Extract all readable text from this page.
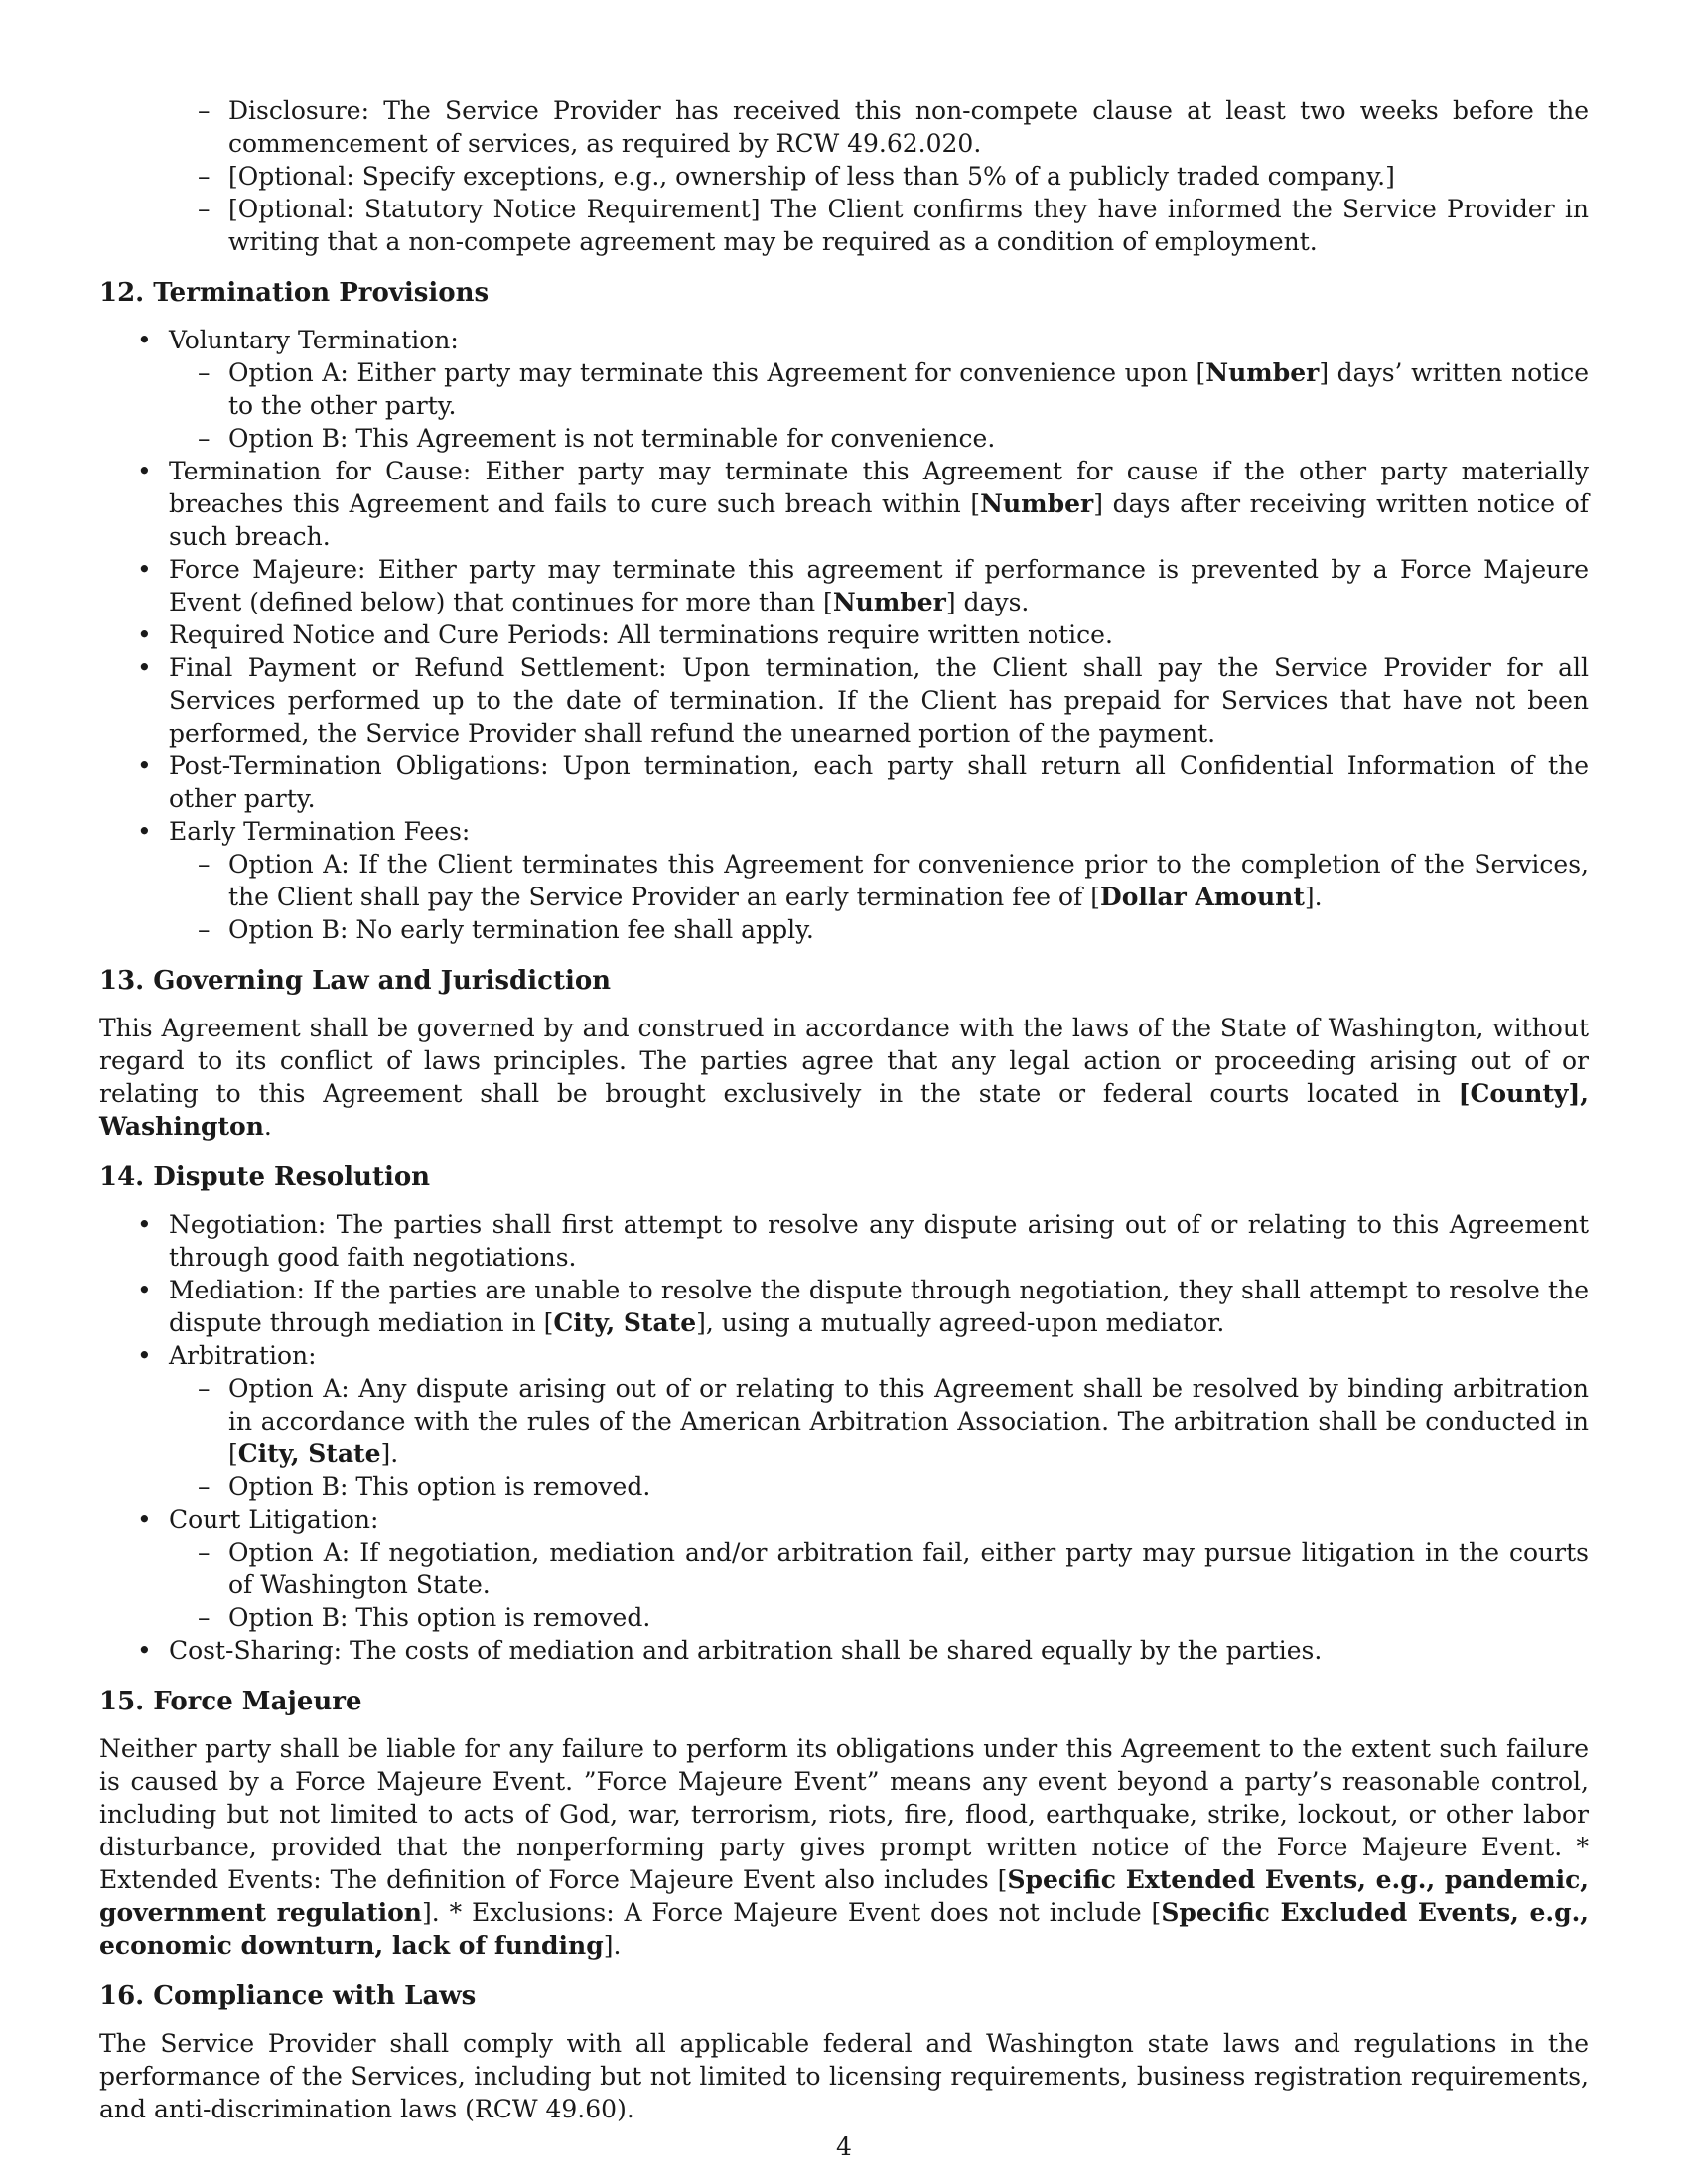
– Disclosure: The Service Provider has received this non-compete clause at least two weeks before the commencement of services, as required by RCW 49.62.020.
– [Optional: Specify exceptions, e.g., ownership of less than 5% of a publicly traded company.]
– [Optional: Statutory Notice Requirement] The Client confirms they have informed the Service Provider in writing that a non-compete agreement may be required as a condition of employment.
12. Termination Provisions
• Voluntary Termination:
– Option A: Either party may terminate this Agreement for convenience upon [Number] days’ written notice to the other party.
– Option B: This Agreement is not terminable for convenience.
• Termination for Cause: Either party may terminate this Agreement for cause if the other party materially breaches this Agreement and fails to cure such breach within [Number] days after receiving written notice of such breach.
• Force Majeure: Either party may terminate this agreement if performance is prevented by a Force Majeure Event (defined below) that continues for more than [Number] days.
• Required Notice and Cure Periods: All terminations require written notice.
• Final Payment or Refund Settlement: Upon termination, the Client shall pay the Service Provider for all Services performed up to the date of termination. If the Client has prepaid for Services that have not been performed, the Service Provider shall refund the unearned portion of the payment.
• Post-Termination Obligations: Upon termination, each party shall return all Confidential Information of the other party.
• Early Termination Fees:
– Option A: If the Client terminates this Agreement for convenience prior to the completion of the Services, the Client shall pay the Service Provider an early termination fee of [Dollar Amount].
– Option B: No early termination fee shall apply.
13. Governing Law and Jurisdiction

This Agreement shall be governed by and construed in accordance with the laws of the State of Washington, without regard to its conflict of laws principles. The parties agree that any legal action or proceeding arising out of or relating to this Agreement shall be brought exclusively in the state or federal courts located in [County], Washington.

14. Dispute Resolution
• Negotiation: The parties shall first attempt to resolve any dispute arising out of or relating to this Agreement through good faith negotiations.
• Mediation: If the parties are unable to resolve the dispute through negotiation, they shall attempt to resolve the dispute through mediation in [City, State], using a mutually agreed-upon mediator.
• Arbitration:
– Option A: Any dispute arising out of or relating to this Agreement shall be resolved by binding arbitration in accordance with the rules of the American Arbitration Association. The arbitration shall be conducted in [City, State].
– Option B: This option is removed.
• Court Litigation:
– Option A: If negotiation, mediation and/or arbitration fail, either party may pursue litigation in the courts of Washington State.
– Option B: This option is removed.
• Cost-Sharing: The costs of mediation and arbitration shall be shared equally by the parties.
15. Force Majeure

Neither party shall be liable for any failure to perform its obligations under this Agreement to the extent such failure is caused by a Force Majeure Event. ”Force Majeure Event” means any event beyond a party’s reasonable control, including but not limited to acts of God, war, terrorism, riots, fire, flood, earthquake, strike, lockout, or other labor disturbance, provided that the nonperforming party gives prompt written notice of the Force Majeure Event. * Extended Events: The definition of Force Majeure Event also includes [Specific Extended Events, e.g., pandemic, government regulation]. * Exclusions: A Force Majeure Event does not include [Specific Excluded Events, e.g., economic downturn, lack of funding].

16. Compliance with Laws

The Service Provider shall comply with all applicable federal and Washington state laws and regulations in the performance of the Services, including but not limited to licensing requirements, business registration requirements, and anti-discrimination laws (RCW 49.60).

4
